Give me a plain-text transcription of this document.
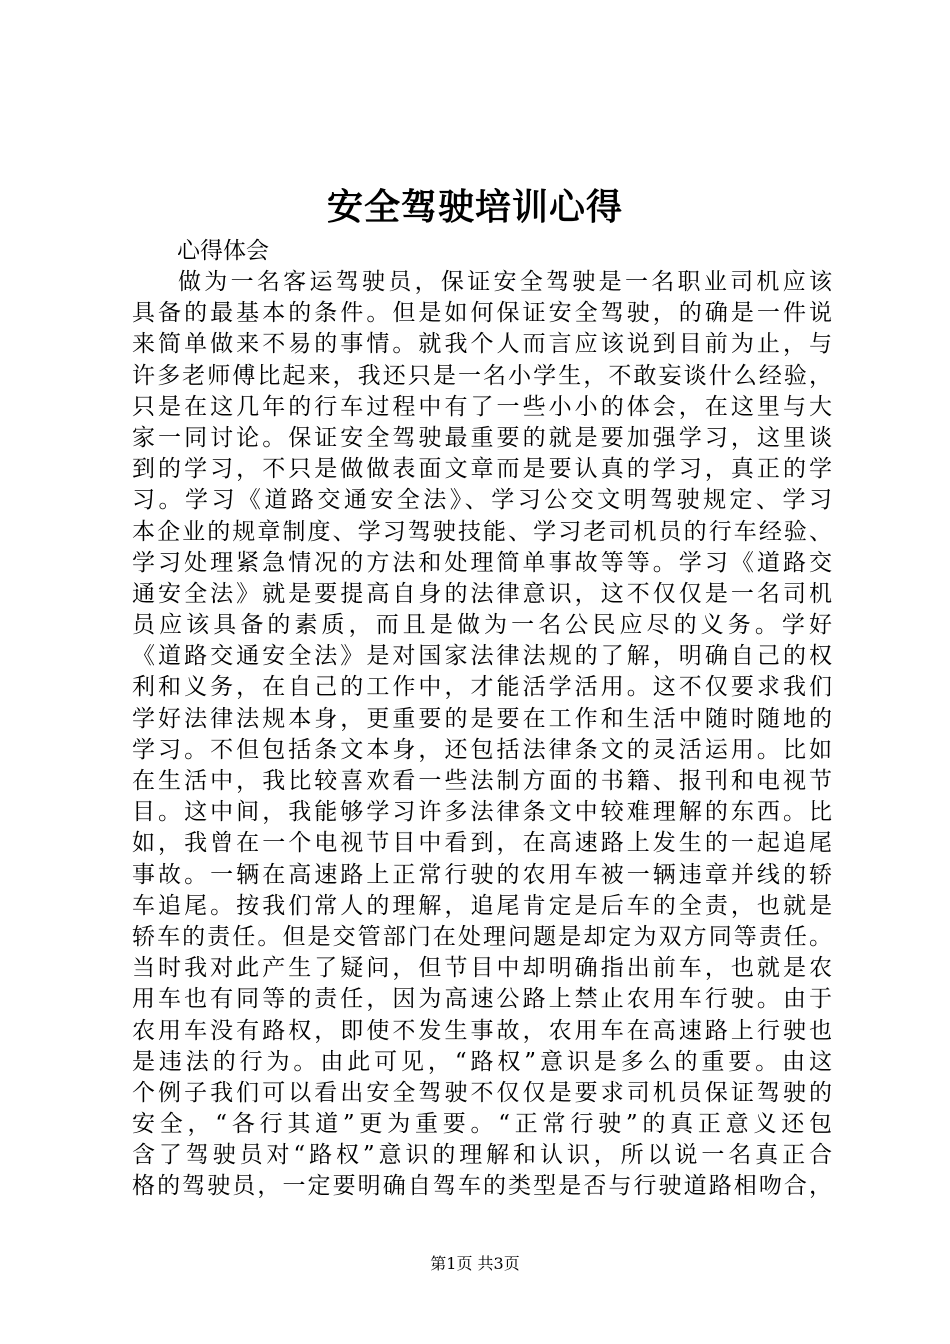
安全驾驶培训心得
心得体会
做为一名客运驾驶员，保证安全驾驶是一名职业司机应该
具备的最基本的条件。但是如何保证安全驾驶，的确是一件说
来简单做来不易的事情。就我个人而言应该说到目前为止，与
许多老师傅比起来，我还只是一名小学生，不敢妄谈什么经验，
只是在这几年的行车过程中有了一些小小的体会，在这里与大
家一同讨论。保证安全驾驶最重要的就是要加强学习，这里谈
到的学习，不只是做做表面文章而是要认真的学习，真正的学
习。学习《道路交通安全法》、学习公交文明驾驶规定、学习
本企业的规章制度、学习驾驶技能、学习老司机员的行车经验、
学习处理紧急情况的方法和处理简单事故等等。学习《道路交
通安全法》就是要提高自身的法律意识，这不仅仅是一名司机
员应该具备的素质，而且是做为一名公民应尽的义务。学好
《道路交通安全法》是对国家法律法规的了解，明确自己的权
利和义务，在自己的工作中，才能活学活用。这不仅要求我们
学好法律法规本身，更重要的是要在工作和生活中随时随地的
学习。不但包括条文本身，还包括法律条文的灵活运用。比如
在生活中，我比较喜欢看一些法制方面的书籍、报刊和电视节
目。这中间，我能够学习许多法律条文中较难理解的东西。比
如，我曾在一个电视节目中看到，在高速路上发生的一起追尾
事故。一辆在高速路上正常行驶的农用车被一辆违章并线的轿
车追尾。按我们常人的理解，追尾肯定是后车的全责，也就是
轿车的责任。但是交管部门在处理问题是却定为双方同等责任。
当时我对此产生了疑问，但节目中却明确指出前车，也就是农
用车也有同等的责任，因为高速公路上禁止农用车行驶。由于
农用车没有路权，即使不发生事故，农用车在高速路上行驶也
是违法的行为。由此可见，“路权”意识是多么的重要。由这
个例子我们可以看出安全驾驶不仅仅是要求司机员保证驾驶的
安全，“各行其道”更为重要。“正常行驶”的真正意义还包
含了驾驶员对“路权”意识的理解和认识，所以说一名真正合
格的驾驶员，一定要明确自驾车的类型是否与行驶道路相吻合，
第1页 共3页
